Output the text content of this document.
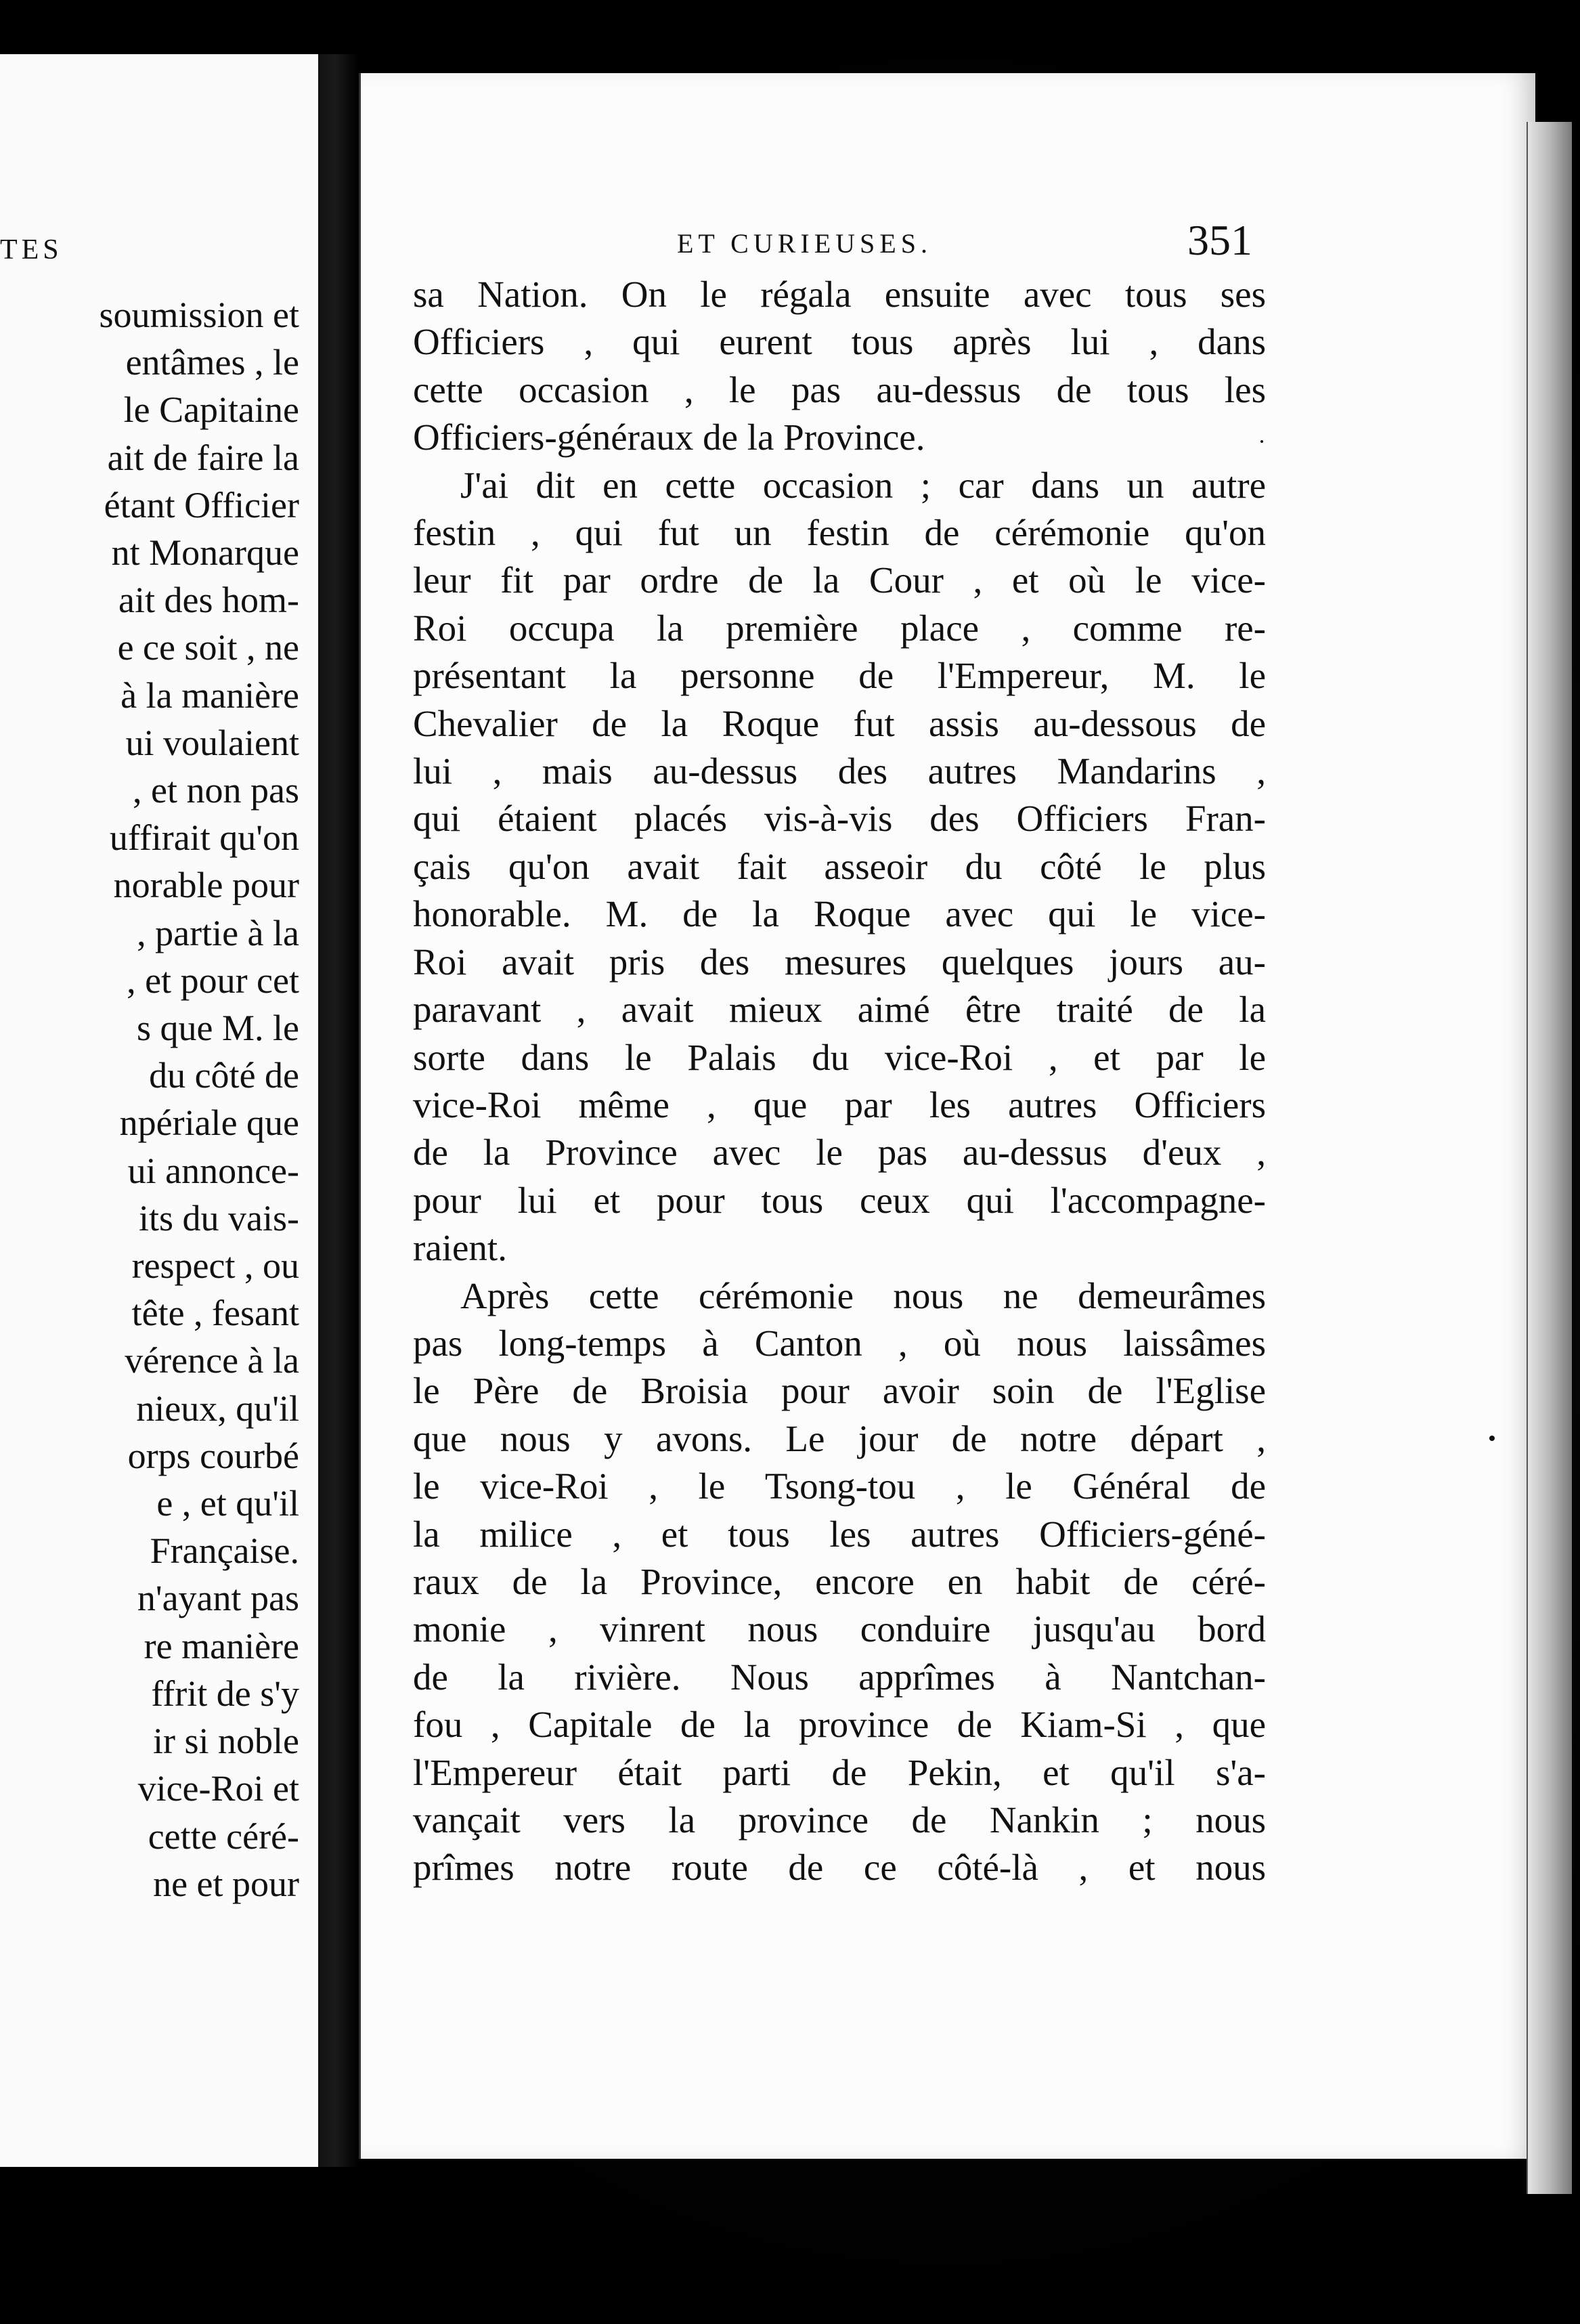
TES
soumission et
entâmes , le
le Capitaine
ait de faire la
étant Officier
nt Monarque
ait des hom-
e ce soit , ne
à la manière
ui voulaient
, et non pas
uffirait qu'on
norable pour
, partie à la
, et pour cet
s que M. le
du côté de
npériale que
ui annonce-
its du vais-
respect , ou
tête , fesant
vérence à la
nieux, qu'il
orps courbé
e , et qu'il
Française.
n'ayant pas
re manière
ffrit de s'y
ir si noble
vice-Roi et
cette céré-
ne et pour
ET CURIEUSES.	351
sa Nation. On le régala ensuite avec tous ses
Officiers , qui eurent tous après lui , dans
cette occasion , le pas au-dessus de tous les
Officiers-généraux de la Province.
J'ai dit en cette occasion ; car dans un autre
festin , qui fut un festin de cérémonie qu'on
leur fit par ordre de la Cour , et où le vice-
Roi occupa la première place , comme re-
présentant la personne de l'Empereur, M. le
Chevalier de la Roque fut assis au-dessous de
lui , mais au-dessus des autres Mandarins ,
qui étaient placés vis-à-vis des Officiers Fran-
çais qu'on avait fait asseoir du côté le plus
honorable. M. de la Roque avec qui le vice-
Roi avait pris des mesures quelques jours au-
paravant , avait mieux aimé être traité de la
sorte dans le Palais du vice-Roi , et par le
vice-Roi même , que par les autres Officiers
de la Province avec le pas au-dessus d'eux ,
pour lui et pour tous ceux qui l'accompagne-
raient.
Après cette cérémonie nous ne demeurâmes
pas long-temps à Canton , où nous laissâmes
le Père de Broisia pour avoir soin de l'Eglise
que nous y avons. Le jour de notre départ ,
le vice-Roi , le Tsong-tou , le Général de
la milice , et tous les autres Officiers-géné-
raux de la Province, encore en habit de céré-
monie , vinrent nous conduire jusqu'au bord
de la rivière. Nous apprîmes à Nantchan-
fou , Capitale de la province de Kiam-Si , que
l'Empereur était parti de Pekin, et qu'il s'a-
vançait vers la province de Nankin ; nous
prîmes notre route de ce côté-là , et nous
